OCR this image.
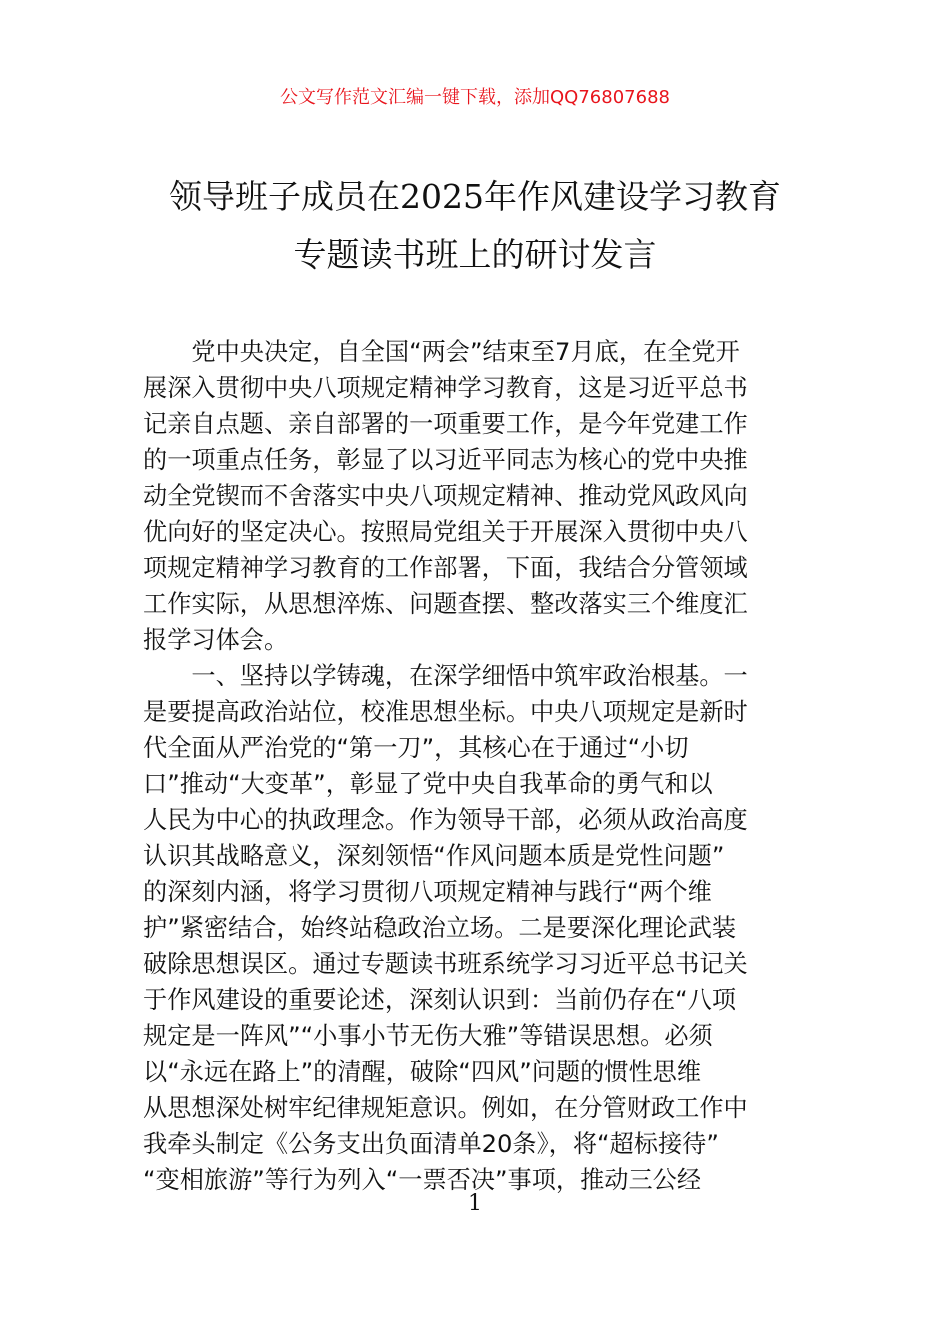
公文写作范文汇编一键下载，添加QQ76807688
领导班子成员在2025年作风建设学习教育
专题读书班上的研讨发言
　　党中央决定，自全国“两会”结束至7月底，在全党开
展深入贯彻中央八项规定精神学习教育，这是习近平总书
记亲自点题、亲自部署的一项重要工作，是今年党建工作
的一项重点任务，彰显了以习近平同志为核心的党中央推
动全党锲而不舍落实中央八项规定精神、推动党风政风向
优向好的坚定决心。按照局党组关于开展深入贯彻中央八
项规定精神学习教育的工作部署，下面，我结合分管领域
工作实际，从思想淬炼、问题查摆、整改落实三个维度汇
报学习体会。
　　一、坚持以学铸魂，在深学细悟中筑牢政治根基。一
是要提高政治站位，校准思想坐标。中央八项规定是新时
代全面从严治党的“第一刀”，其核心在于通过“小切
口”推动“大变革”，彰显了党中央自我革命的勇气和以
人民为中心的执政理念。作为领导干部，必须从政治高度
认识其战略意义，深刻领悟“作风问题本质是党性问题”
的深刻内涵，将学习贯彻八项规定精神与践行“两个维
护”紧密结合，始终站稳政治立场。二是要深化理论武装
破除思想误区。通过专题读书班系统学习习近平总书记关
于作风建设的重要论述，深刻认识到：当前仍存在“八项
规定是一阵风”“小事小节无伤大雅”等错误思想。必须
以“永远在路上”的清醒，破除“四风”问题的惯性思维
从思想深处树牢纪律规矩意识。例如，在分管财政工作中
我牵头制定《公务支出负面清单20条》，将“超标接待”
“变相旅游”等行为列入“一票否决”事项，推动三公经
1
